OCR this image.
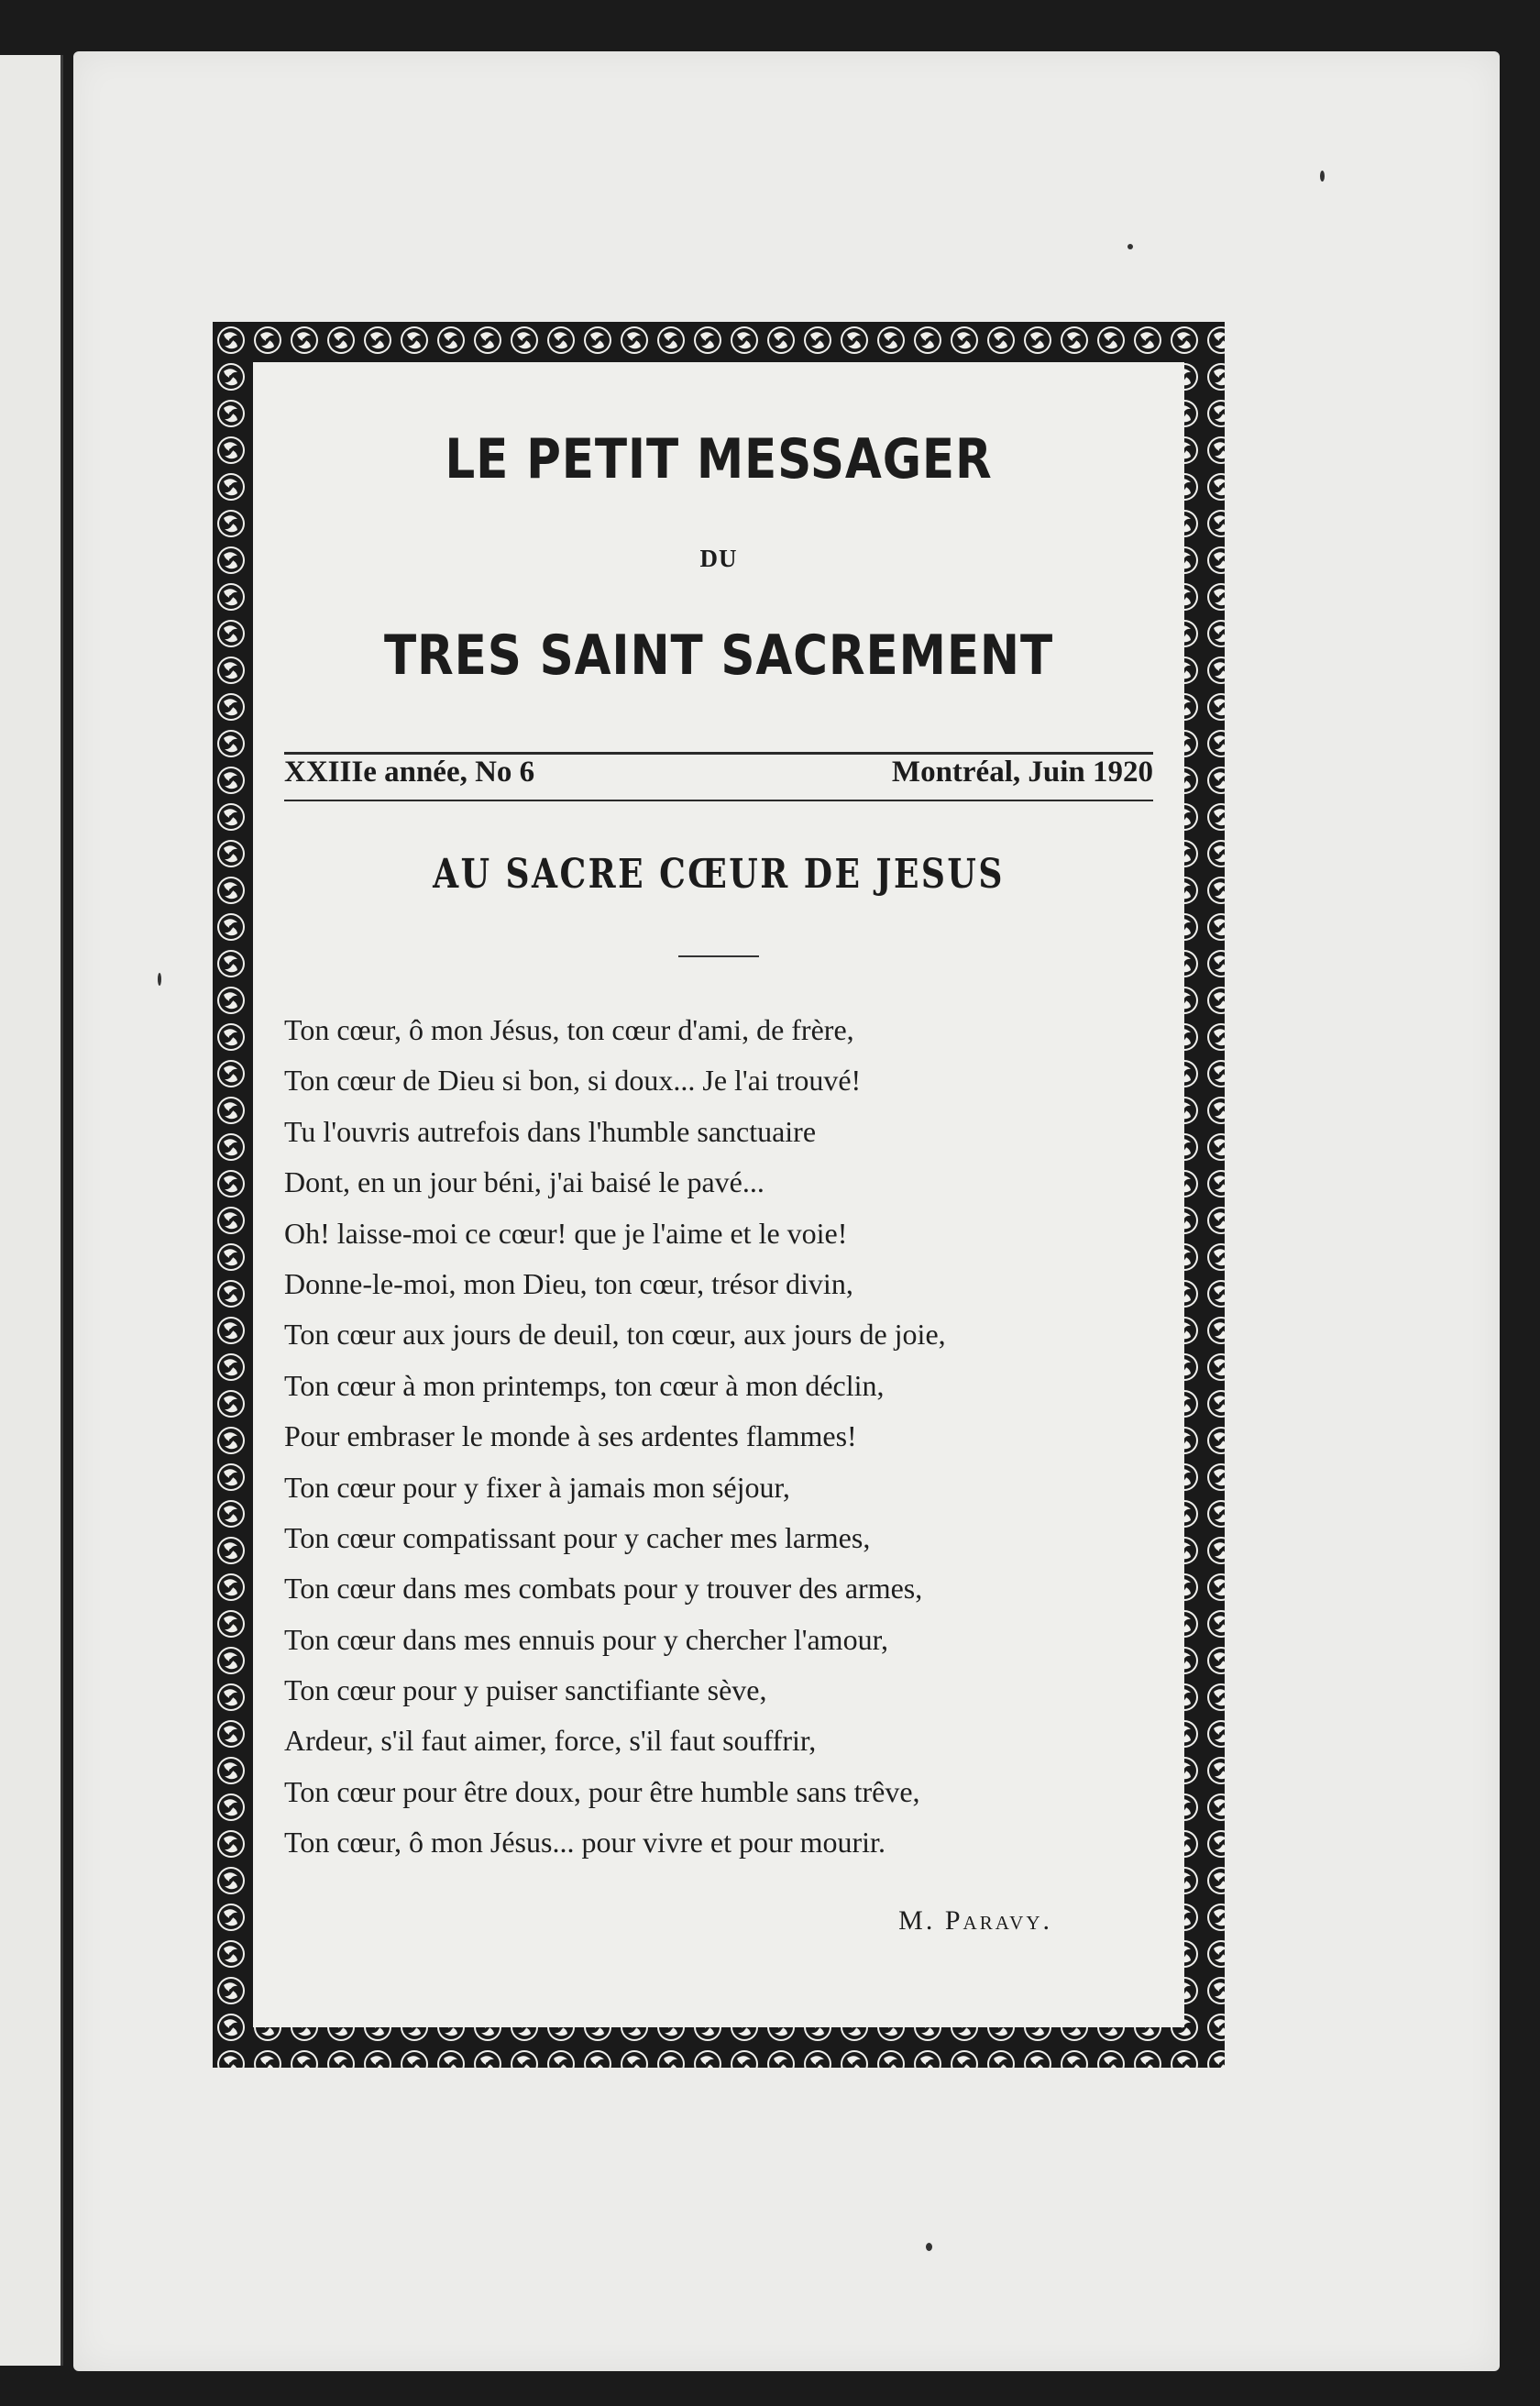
LE PETIT MESSAGER
DU
TRES SAINT SACREMENT
XXIIIe année, No 6	Montréal, Juin 1920
AU SACRE CŒUR DE JESUS
Ton cœur, ô mon Jésus, ton cœur d'ami, de frère,
Ton cœur de Dieu si bon, si doux... Je l'ai trouvé!
Tu l'ouvris autrefois dans l'humble sanctuaire
Dont, en un jour béni, j'ai baisé le pavé...
Oh! laisse-moi ce cœur! que je l'aime et le voie!
Donne-le-moi, mon Dieu, ton cœur, trésor divin,
Ton cœur aux jours de deuil, ton cœur, aux jours de joie,
Ton cœur à mon printemps, ton cœur à mon déclin,
Pour embraser le monde à ses ardentes flammes!
Ton cœur pour y fixer à jamais mon séjour,
Ton cœur compatissant pour y cacher mes larmes,
Ton cœur dans mes combats pour y trouver des armes,
Ton cœur dans mes ennuis pour y chercher l'amour,
Ton cœur pour y puiser sanctifiante sève,
Ardeur, s'il faut aimer, force, s'il faut souffrir,
Ton cœur pour être doux, pour être humble sans trêve,
Ton cœur, ô mon Jésus... pour vivre et pour mourir.
M. Paravy.
